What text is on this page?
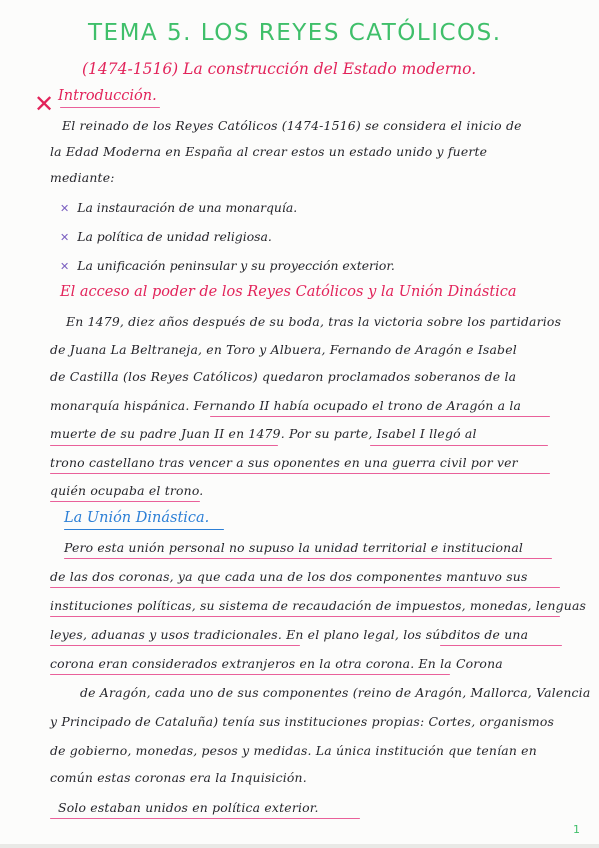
TEMA 5. LOS REYES CATÓLICOS.
(1474-1516) La construcción del Estado moderno.
✕ Introducción.
El reinado de los Reyes Católicos (1474-1516) se considera el inicio de
la Edad Moderna en España al crear estos un estado unido y fuerte
mediante:
✕ La instauración de una monarquía.
✕ La política de unidad religiosa.
✕ La unificación peninsular y su proyección exterior.
El acceso al poder de los Reyes Católicos y la Unión Dinástica
En 1479, diez años después de su boda, tras la victoria sobre los partidarios
de Juana La Beltraneja, en Toro y Albuera, Fernando de Aragón e Isabel
de Castilla (los Reyes Católicos) quedaron proclamados soberanos de la
monarquía hispánica. Fernando II había ocupado el trono de Aragón a la
muerte de su padre Juan II en 1479. Por su parte, Isabel I llegó al
trono castellano tras vencer a sus oponentes en una guerra civil por ver
quién ocupaba el trono.
La Unión Dinástica.
Pero esta unión personal no supuso la unidad territorial e institucional
de las dos coronas, ya que cada una de los dos componentes mantuvo sus
instituciones políticas, su sistema de recaudación de impuestos, monedas, lenguas
leyes, aduanas y usos tradicionales. En el plano legal, los súbditos de una
corona eran considerados extranjeros en la otra corona. En la Corona
de Aragón, cada uno de sus componentes (reino de Aragón, Mallorca, Valencia
y Principado de Cataluña) tenía sus instituciones propias: Cortes, organismos
de gobierno, monedas, pesos y medidas. La única institución que tenían en
común estas coronas era la Inquisición.
Solo estaban unidos en política exterior.
1
